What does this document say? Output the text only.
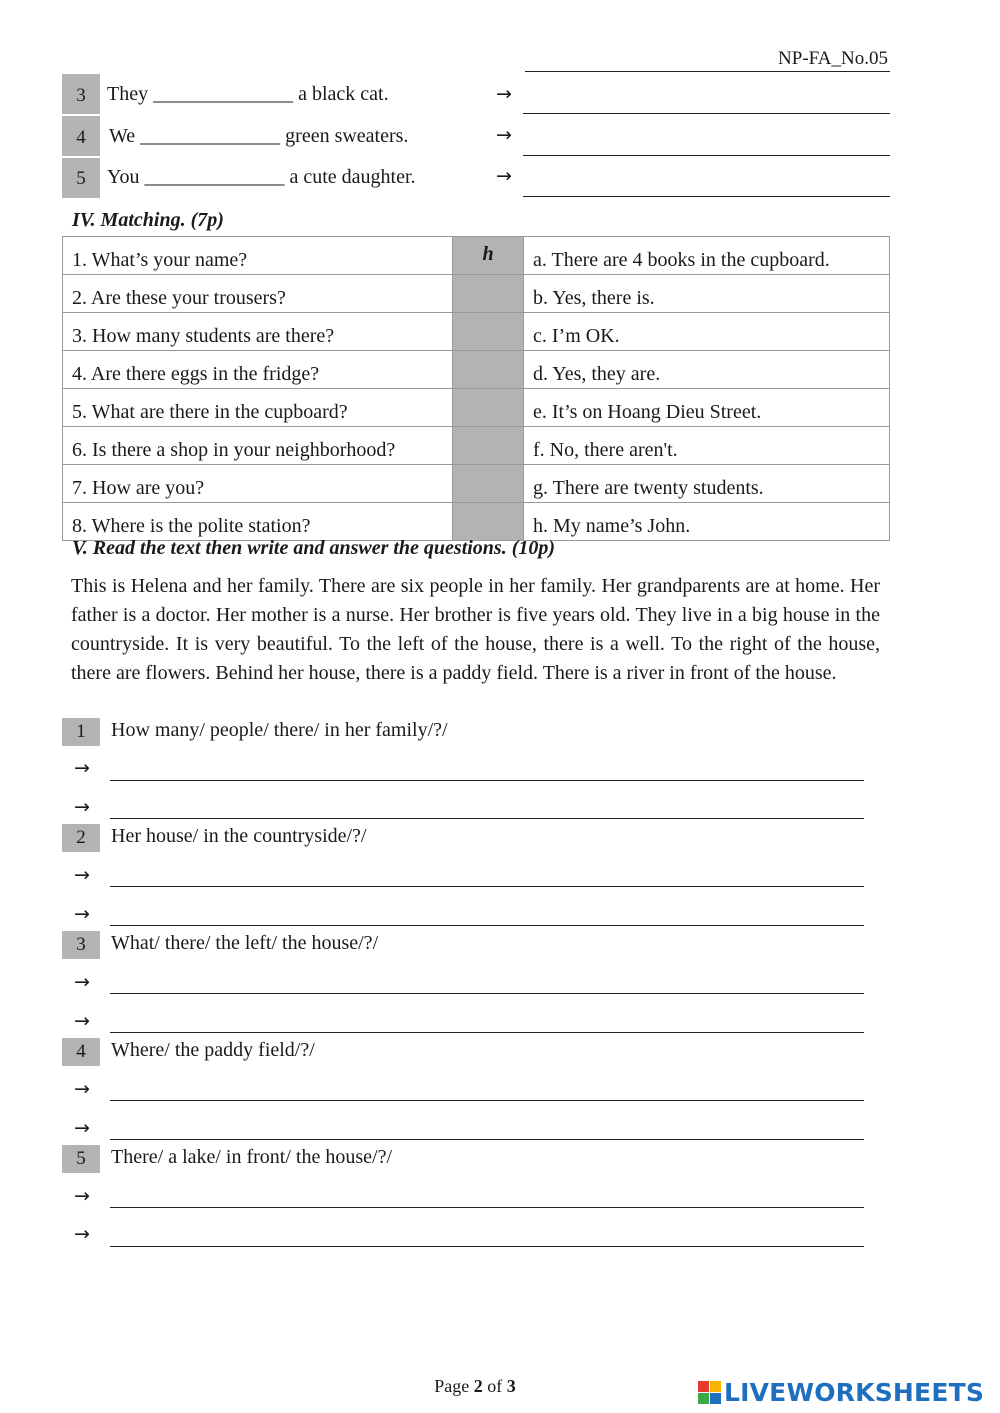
NP-FA_No.05
3	They ______________ a black cat.	→
4	We ______________ green sweaters.	→
5	You ______________ a cute daughter.	→
IV. Matching. (7p)
1. What’s your name?	h	a. There are 4 books in the cupboard.
2. Are these your trousers?		b. Yes, there is.
3. How many students are there?		c. I’m OK.
4. Are there eggs in the fridge?		d. Yes, they are.
5. What are there in the cupboard?		e. It’s on Hoang Dieu Street.
6. Is there a shop in your neighborhood?		f. No, there aren't.
7. How are you?		g. There are twenty students.
8. Where is the polite station?		h. My name’s John.
V. Read the text then write and answer the questions. (10p)
This is Helena and her family. There are six people in her family. Her grandparents are at home. Her father is a doctor. Her mother is a nurse. Her brother is five years old. They live in a big house in the countryside. It is very beautiful. To the left of the house, there is a well. To the right of the house, there are flowers. Behind her house, there is a paddy field. There is a river in front of the house.
1	How many/ people/ there/ in her family/?/
→
→
2	Her house/ in the countryside/?/
→
→
3	What/ there/ the left/ the house/?/
→
→
4	Where/ the paddy field/?/
→
→
5	There/ a lake/ in front/ the house/?/
→
→
Page 2 of 3	LIVEWORKSHEETS
